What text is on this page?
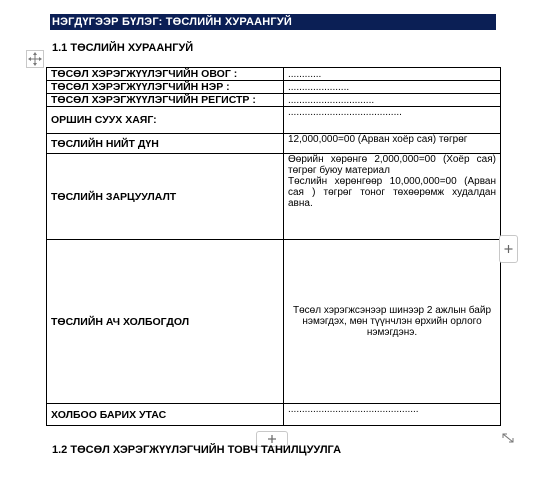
НЭГДҮГЭЭР БҮЛЭГ: ТӨСЛИЙН ХУРААНГУЙ
1.1 ТӨСЛИЙН ХУРААНГУЙ
ТӨСӨЛ ХЭРЭГЖҮҮЛЭГЧИЙН ОВОГ :	............
ТӨСӨЛ ХЭРЭГЖҮҮЛЭГЧИЙН НЭР :	......................
ТӨСӨЛ ХЭРЭГЖҮҮЛЭГЧИЙН РЕГИСТР :	...............................
ОРШИН СУУХ ХАЯГ:	.........................................
ТӨСЛИЙН НИЙТ ДҮН	12,000,000=00 (Арван хоёр сая) төгрөг
ТӨСЛИЙН ЗАРЦУУЛАЛТ	Өөрийн хөрөнгө 2,000,000=00 (Хоёр сая) төгрөг буюу материал
Төслийн хөрөнгөөр 10,000,000=00 (Арван сая ) төгрөг тоног төхөөрөмж худалдан авна.

ТӨСЛИЙН АЧ ХОЛБОГДОЛ	Төсөл хэрэгжсэнээр шинээр 2 ажлын байр нэмэгдэх, мөн түүнчлэн өрхийн орлого нэмэгдэнэ.
ХОЛБОО БАРИХ УТАС	...............................................
1.2 ТӨСӨЛ ХЭРЭГЖҮҮЛЭГЧИЙН ТОВЧ ТАНИЛЦУУЛГА
